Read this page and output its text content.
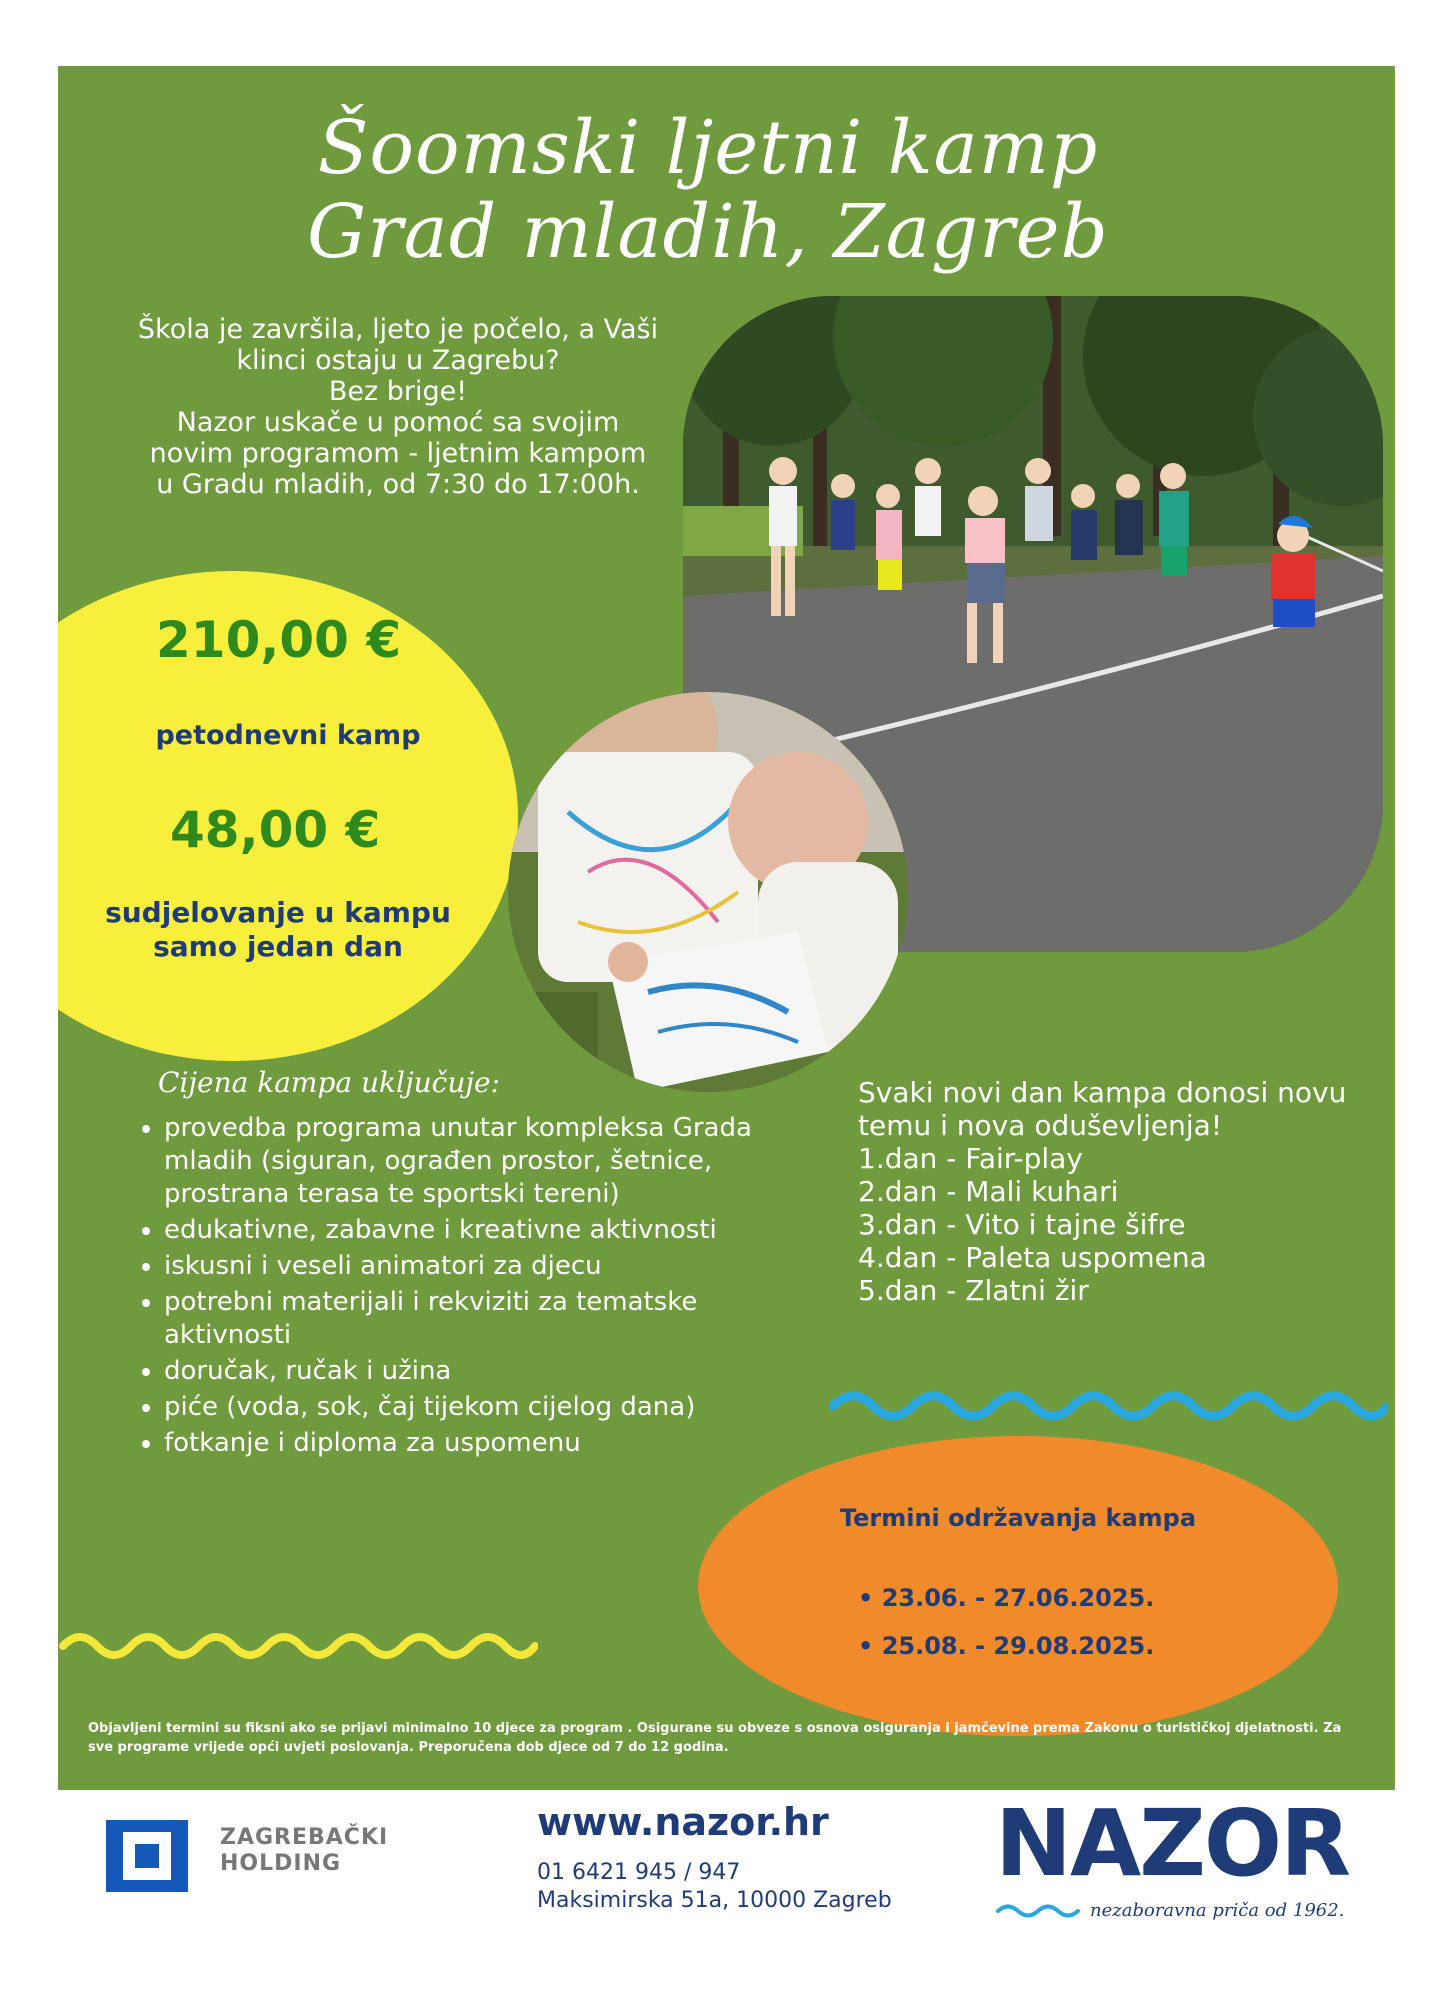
Šoomski ljetni kamp
Grad mladih, Zagreb
Škola je završila, ljeto je počelo, a Vaši
klinci ostaju u Zagrebu?
Bez brige!
Nazor uskače u pomoć sa svojim
novim programom - ljetnim kampom
u Gradu mladih, od 7:30 do 17:00h.
210,00 €
petodnevni kamp
48,00 €
sudjelovanje u kampu
samo jedan dan
Cijena kampa uključuje:
• provedba programa unutar kompleksa Grada mladih (siguran, ograđen prostor, šetnice, prostrana terasa te sportski tereni)
• edukativne, zabavne i kreativne aktivnosti
• iskusni i veseli animatori za djecu
• potrebni materijali i rekviziti za tematske aktivnosti
• doručak, ručak i užina
• piće (voda, sok, čaj tijekom cijelog dana)
• fotkanje i diploma za uspomenu

Svaki novi dan kampa donosi novu

temu i nova oduševljenja!

1.dan - Fair-play

2.dan - Mali kuhari

3.dan - Vito i tajne šifre

4.dan - Paleta uspomena

5.dan - Zlatni žir

Termini održavanja kampa
• 23.06. - 27.06.2025.
• 25.08. - 29.08.2025.
Objavljeni termini su fiksni ako se prijavi minimalno 10 djece za program . Osigurane su obveze s osnova osiguranja i jamčevine prema Zakonu o turističkoj djelatnosti. Za sve programe vrijede opći uvjeti poslovanja. Preporučena dob djece od 7 do 12 godina.
ZAGREBAČKI
HOLDING
www.nazor.hr
01 6421 945 / 947
Maksimirska 51a, 10000 Zagreb
NAZOR
nezaboravna priča od 1962.
